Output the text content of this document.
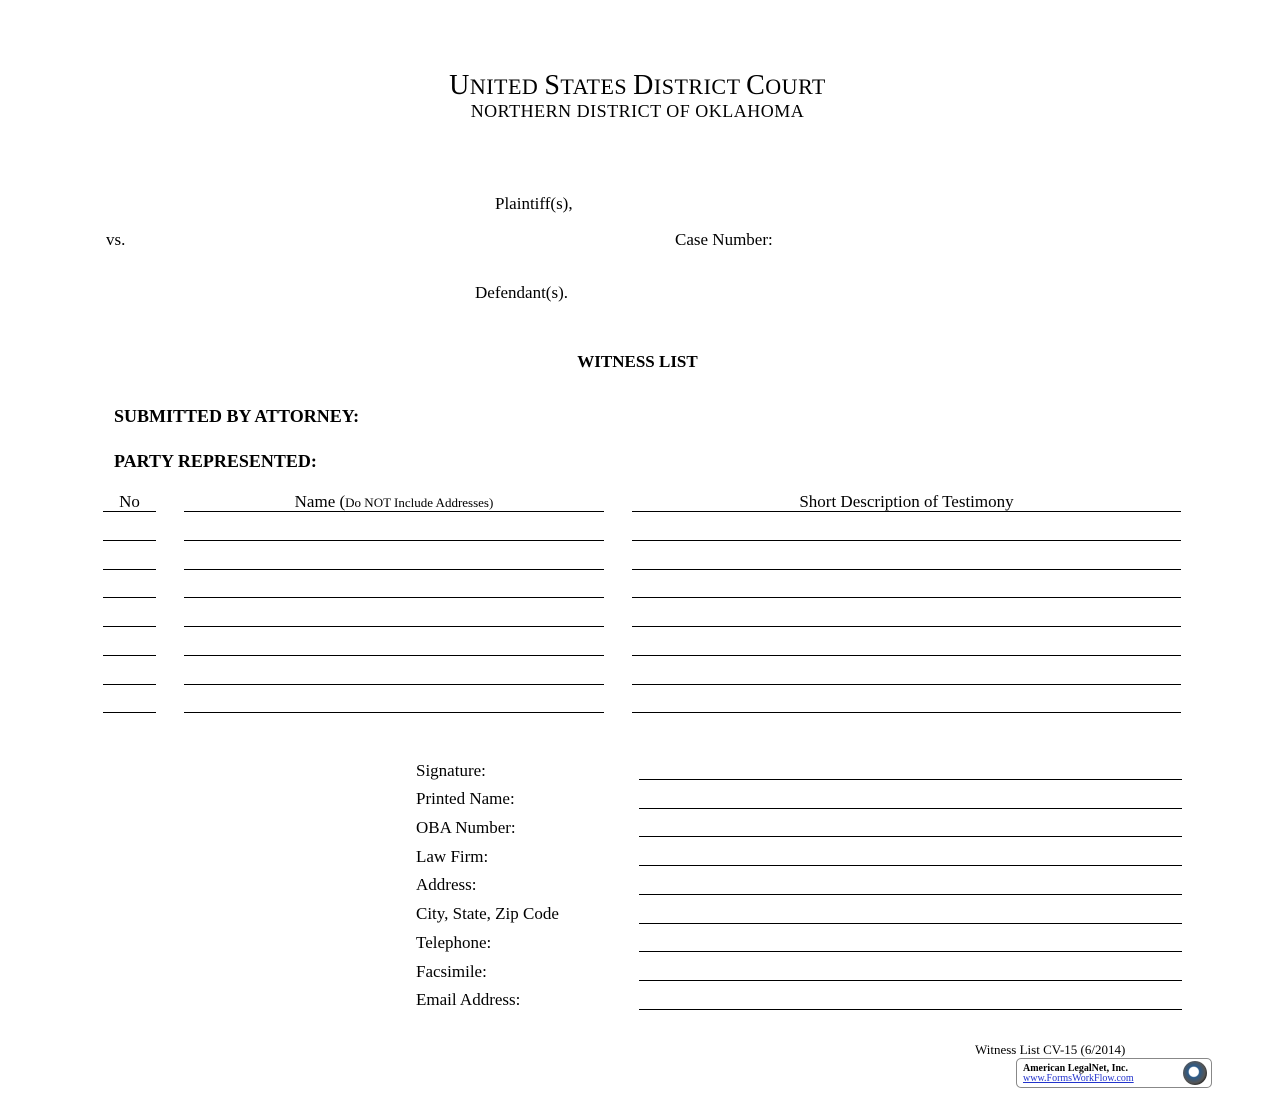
UNITED STATES DISTRICT COURT
NORTHERN DISTRICT OF OKLAHOMA
Plaintiff(s),
vs.	Case Number:
Defendant(s).
WITNESS LIST
SUBMITTED BY ATTORNEY:
PARTY REPRESENTED:
No	Name (Do NOT Include Addresses)	Short Description of Testimony
Signature:
Printed Name:
OBA Number:
Law Firm:
Address:
City, State, Zip Code
Telephone:
Facsimile:
Email Address:
Witness List CV-15 (6/2014)
American LegalNet, Inc.
www.FormsWorkFlow.com
